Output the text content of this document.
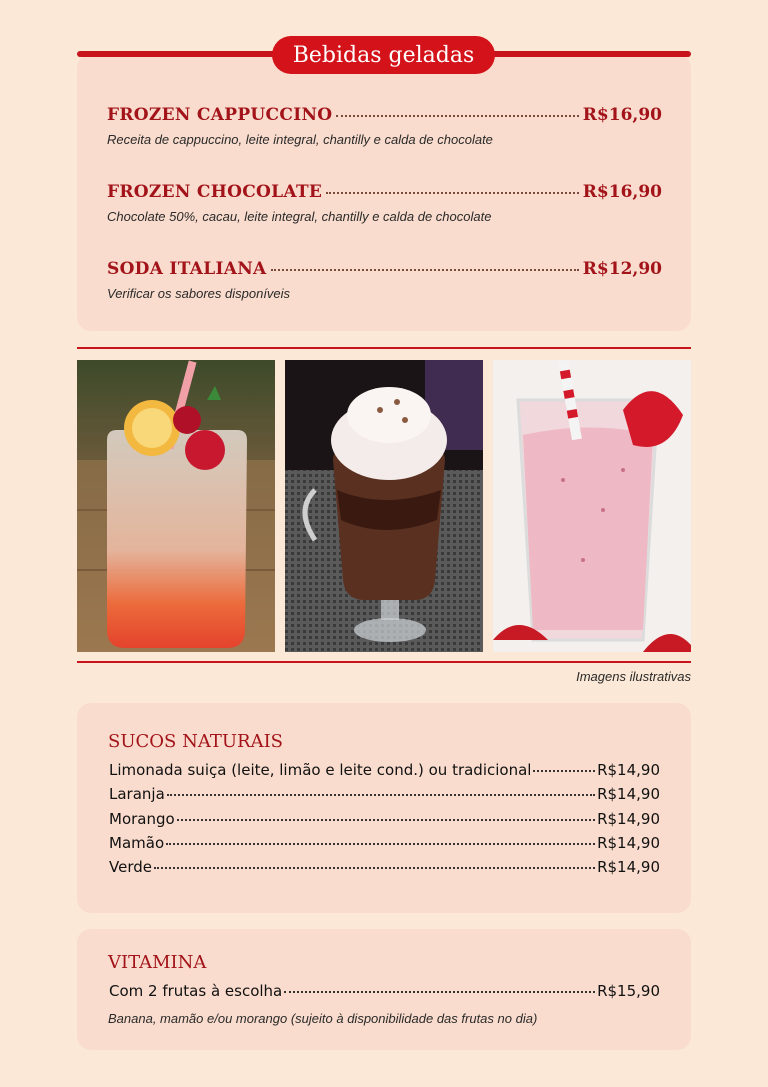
Bebidas geladas
FROZEN CAPPUCCINO	R$16,90
Receita de cappuccino, leite integral, chantilly e calda de chocolate
FROZEN CHOCOLATE	R$16,90
Chocolate 50%, cacau, leite integral, chantilly e calda de chocolate
SODA ITALIANA	R$12,90
Verificar os sabores disponíveis
Imagens ilustrativas
SUCOS NATURAIS
Limonada suiça (leite, limão e leite cond.) ou tradicional	R$14,90
Laranja	R$14,90
Morango	R$14,90
Mamão	R$14,90
Verde	R$14,90
VITAMINA
Com 2 frutas à escolha	R$15,90
Banana, mamão e/ou morango (sujeito à disponibilidade das frutas no dia)
